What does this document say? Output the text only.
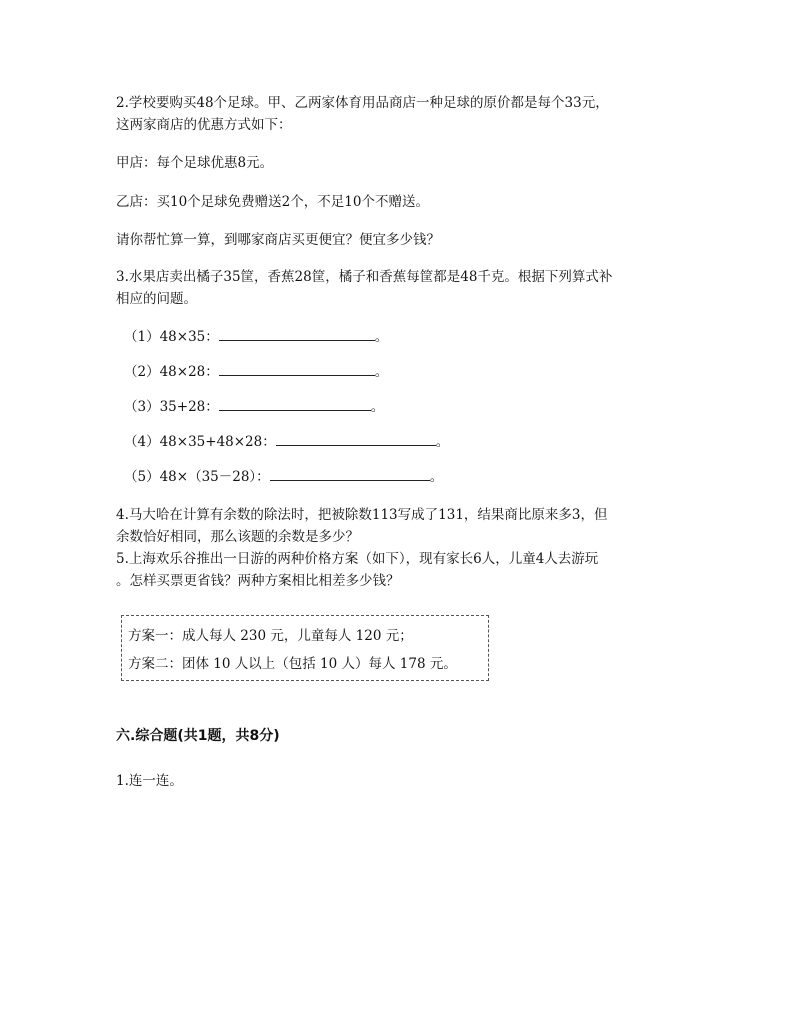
2.学校要购买48个足球。甲、乙两家体育用品商店一种足球的原价都是每个33元，
这两家商店的优惠方式如下：
甲店：每个足球优惠8元。
乙店：买10个足球免费赠送2个，不足10个不赠送。
请你帮忙算一算，到哪家商店买更便宜？便宜多少钱？
3.水果店卖出橘子35筐，香蕉28筐，橘子和香蕉每筐都是48千克。根据下列算式补
相应的问题。
（1）48×35：	。
（2）48×28：	。
（3）35+28：	。
（4）48×35+48×28：	。
（5）48×（35－28）：	。
4.马大哈在计算有余数的除法时，把被除数113写成了131，结果商比原来多3，但
余数恰好相同，那么该题的余数是多少？
5.上海欢乐谷推出一日游的两种价格方案（如下），现有家长6人，儿童4人去游玩
。怎样买票更省钱？两种方案相比相差多少钱？
方案一：成人每人 230 元，儿童每人 120 元；
方案二：团体 10 人以上（包括 10 人）每人 178 元。
六.综合题(共1题，共8分)
1.连一连。
